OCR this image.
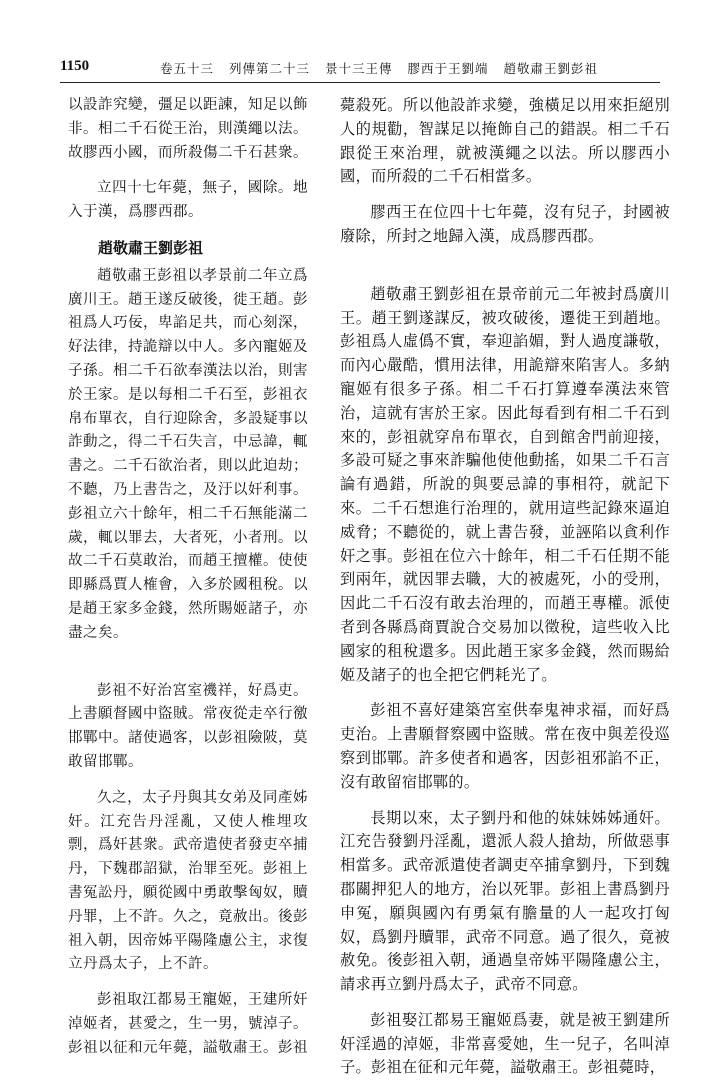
1150	卷五十三 列傳第二十三 景十三王傳 膠西于王劉端 趙敬肅王劉彭祖

以設詐究變，彊足以距諫，知足以飾非。相二千石從王治，則漢繩以法。故膠西小國，而所殺傷二千石甚衆。

立四十七年薨，無子，國除。地入于漢，爲膠西郡。

趙敬肅王劉彭祖

趙敬肅王彭祖以孝景前二年立爲廣川王。趙王遂反破後，徙王趙。彭祖爲人巧佞，卑諂足共，而心刻深，好法律，持詭辯以中人。多內寵姬及子孫。相二千石欲奉漢法以治，則害於王家。是以每相二千石至，彭祖衣帛布單衣，自行迎除舍，多設疑事以詐動之，得二千石失言，中忌諱，輒書之。二千石欲治者，則以此迫劫；不聽，乃上書告之，及汙以奸利事。彭祖立六十餘年，相二千石無能滿二歲，輒以罪去，大者死，小者刑。以故二千石莫敢治，而趙王擅權。使使即縣爲賈人榷會，入多於國租稅。以是趙王家多金錢，然所賜姬諸子，亦盡之矣。

彭祖不好治宮室禨祥，好爲吏。上書願督國中盜賊。常夜從走卒行徼邯鄲中。諸使過客，以彭祖險陂，莫敢留邯鄲。

久之，太子丹與其女弟及同產姊奸。江充告丹淫亂，又使人椎埋攻剽，爲奸甚衆。武帝遣使者發吏卒捕丹，下魏郡詔獄，治罪至死。彭祖上書冤訟丹，願從國中勇敢擊匈奴，贖丹罪，上不許。久之，竟赦出。後彭祖入朝，因帝姊平陽隆慮公主，求復立丹爲太子，上不許。

彭祖取江都易王寵姬，王建所奸淖姬者，甚愛之，生一男，號淖子。彭祖以征和元年薨，謚敬肅王。彭祖

薨殺死。所以他設詐求變，強橫足以用來拒絕別人的規勸，智謀足以掩飾自己的錯誤。相二千石跟從王來治理，就被漢繩之以法。所以膠西小國，而所殺的二千石相當多。

膠西王在位四十七年薨，沒有兒子，封國被廢除，所封之地歸入漢，成爲膠西郡。

趙敬肅王劉彭祖在景帝前元二年被封爲廣川王。趙王劉遂謀反，被攻破後，遷徙王到趙地。彭祖爲人虛僞不實，奉迎諂媚，對人過度謙敬，而內心嚴酷，慣用法律，用詭辯來陷害人。多納寵姬有很多子孫。相二千石打算遵奉漢法來管治，這就有害於王家。因此每看到有相二千石到來的，彭祖就穿帛布單衣，自到館舍門前迎接，多設可疑之事來詐騙他使他動搖，如果二千石言論有過錯，所說的與要忌諱的事相符，就記下來。二千石想進行治理的，就用這些記錄來逼迫威脅；不聽從的，就上書告發，並誣陷以貪利作奸之事。彭祖在位六十餘年，相二千石任期不能到兩年，就因罪去職，大的被處死，小的受刑，因此二千石沒有敢去治理的，而趙王專權。派使者到各縣爲商賈說合交易加以徵稅，這些收入比國家的租稅還多。因此趙王家多金錢，然而賜給姬及諸子的也全把它們耗光了。

彭祖不喜好建築宮室供奉鬼神求福，而好爲吏治。上書願督察國中盜賊。常在夜中與差役巡察到邯鄲。許多使者和過客，因彭祖邪諂不正，沒有敢留宿邯鄲的。

長期以來，太子劉丹和他的妹妹姊姊通奸。江充告發劉丹淫亂，還派人殺人搶劫，所做惡事相當多。武帝派遣使者調吏卒捕拿劉丹，下到魏郡關押犯人的地方，治以死罪。彭祖上書爲劉丹申冤，願與國內有勇氣有膽量的人一起攻打匈奴，爲劉丹贖罪，武帝不同意。過了很久，竟被赦免。後彭祖入朝，通過皇帝姊平陽隆慮公主，請求再立劉丹爲太子，武帝不同意。

彭祖娶江都易王寵姬爲妻，就是被王劉建所奸淫過的淖姬，非常喜愛她，生一兒子，名叫淖子。彭祖在征和元年薨，謚敬肅王。彭祖薨時，
